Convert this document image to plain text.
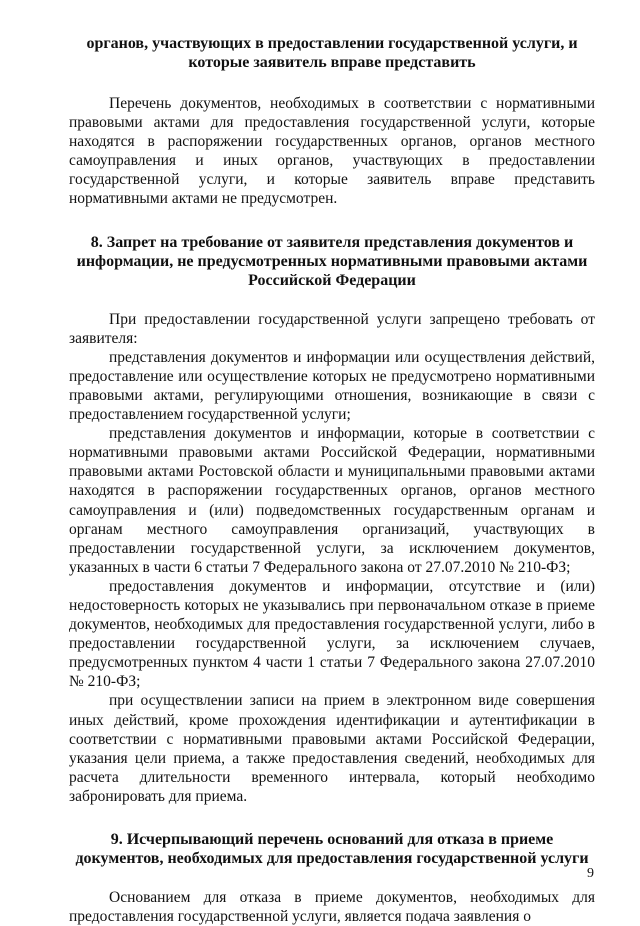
органов, участвующих в предоставлении государственной услуги, и которые заявитель вправе представить

Перечень документов, необходимых в соответствии с нормативными правовыми актами для предоставления государственной услуги, которые находятся в распоряжении государственных органов, органов местного самоуправления и иных органов, участвующих в предоставлении государственной услуги, и которые заявитель вправе представить нормативными актами не предусмотрен.

8. Запрет на требование от заявителя представления документов и информации, не предусмотренных нормативными правовыми актами Российской Федерации

При предоставлении государственной услуги запрещено требовать от заявителя:

представления документов и информации или осуществления действий, предоставление или осуществление которых не предусмотрено нормативными правовыми актами, регулирующими отношения, возникающие в связи с предоставлением государственной услуги;

представления документов и информации, которые в соответствии с нормативными правовыми актами Российской Федерации, нормативными правовыми актами Ростовской области и муниципальными правовыми актами находятся в распоряжении государственных органов, органов местного самоуправления и (или) подведомственных государственным органам и органам местного самоуправления организаций, участвующих в предоставлении государственной услуги, за исключением документов, указанных в части 6 статьи 7 Федерального закона от 27.07.2010 № 210-ФЗ;

предоставления документов и информации, отсутствие и (или) недостоверность которых не указывались при первоначальном отказе в приеме документов, необходимых для предоставления государственной услуги, либо в предоставлении государственной услуги, за исключением случаев, предусмотренных пунктом 4 части 1 статьи 7 Федерального закона 27.07.2010 № 210-ФЗ;

при осуществлении записи на прием в электронном виде совершения иных действий, кроме прохождения идентификации и аутентификации в соответствии с нормативными правовыми актами Российской Федерации, указания цели приема, а также предоставления сведений, необходимых для расчета длительности временного интервала, который необходимо забронировать для приема.

9. Исчерпывающий перечень оснований для отказа в приеме документов, необходимых для предоставления государственной услуги

Основанием для отказа в приеме документов, необходимых для предоставления государственной услуги, является подача заявления о

9
